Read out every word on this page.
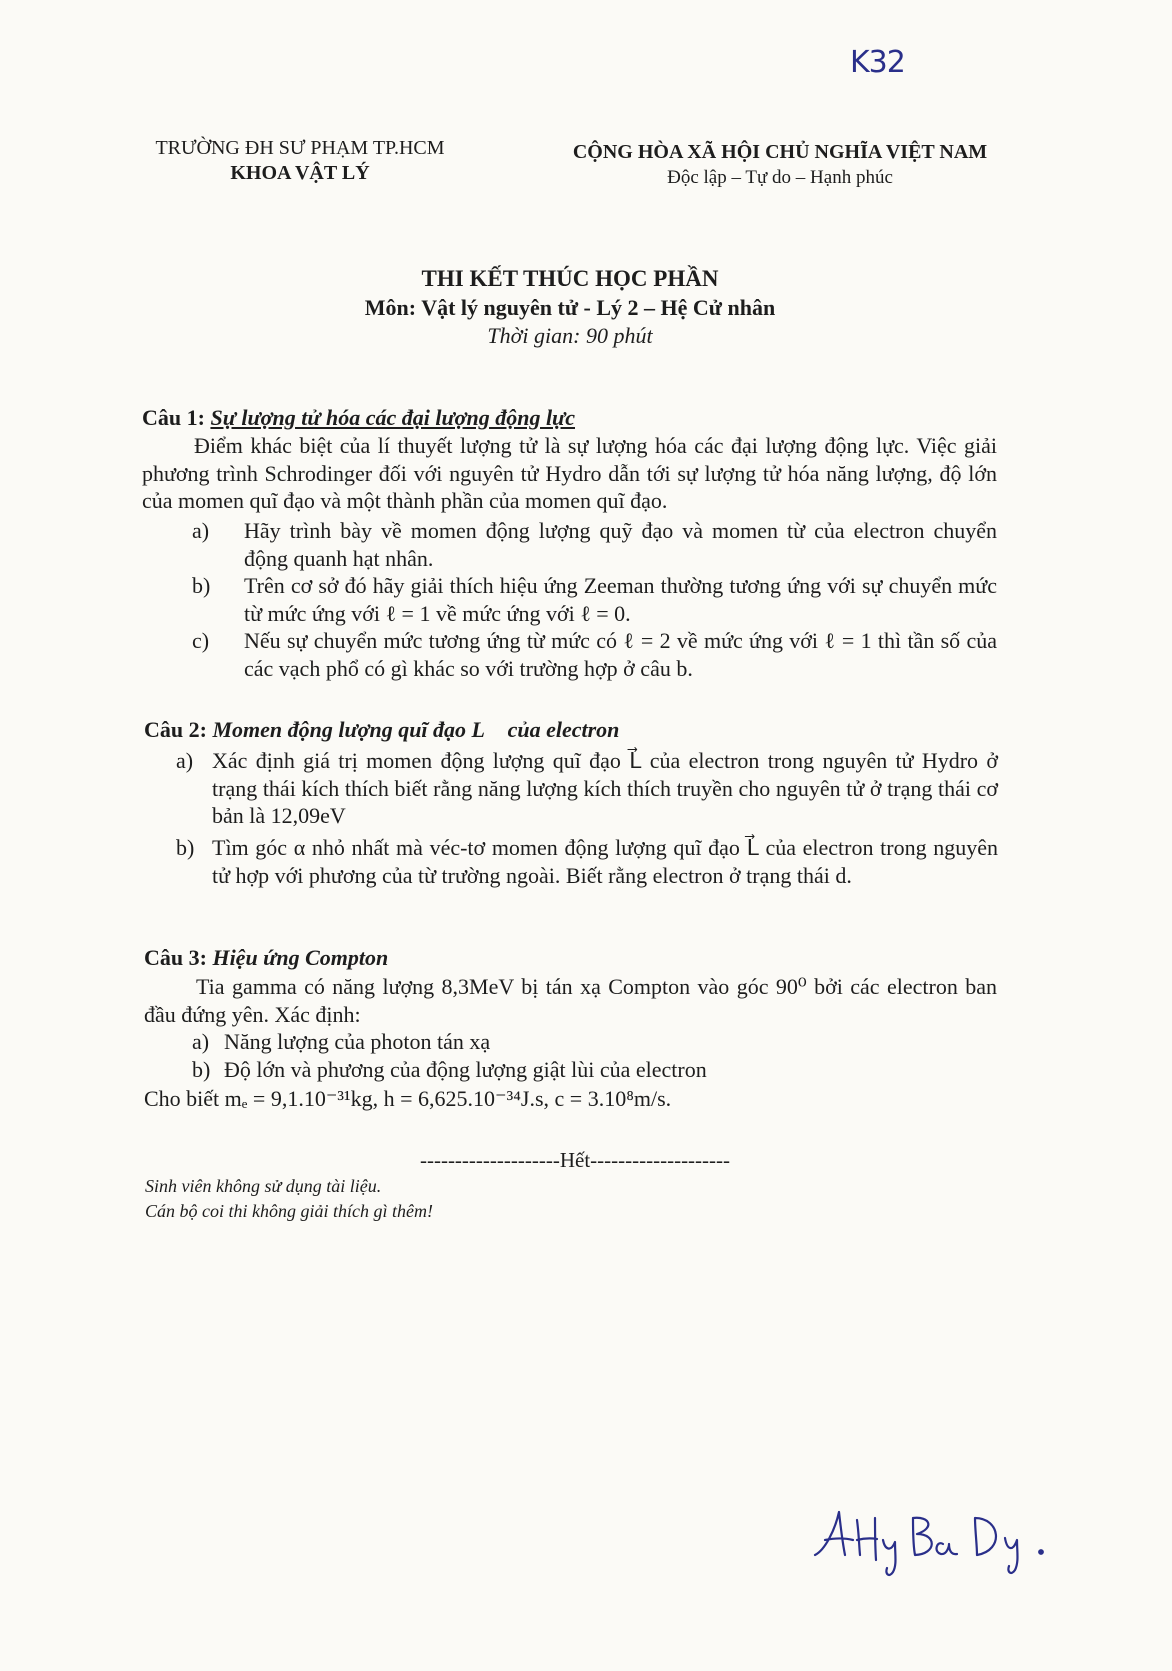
K32
TRƯỜNG ĐH SƯ PHẠM TP.HCM
KHOA VẬT LÝ
CỘNG HÒA XÃ HỘI CHỦ NGHĨA VIỆT NAM
Độc lập – Tự do – Hạnh phúc
THI KẾT THÚC HỌC PHẦN
Môn: Vật lý nguyên tử - Lý 2 – Hệ Cử nhân
Thời gian: 90 phút
Câu 1: Sự lượng tử hóa các đại lượng động lực
Điểm khác biệt của lí thuyết lượng tử là sự lượng hóa các đại lượng động lực. Việc giải phương trình Schrodinger đối với nguyên tử Hydro dẫn tới sự lượng tử hóa năng lượng, độ lớn của momen quĩ đạo và một thành phần của momen quĩ đạo.
a) Hãy trình bày về momen động lượng quỹ đạo và momen từ của electron chuyển động quanh hạt nhân.
b) Trên cơ sở đó hãy giải thích hiệu ứng Zeeman thường tương ứng với sự chuyển mức từ mức ứng với ℓ = 1 về mức ứng với ℓ = 0.
c) Nếu sự chuyển mức tương ứng từ mức có ℓ = 2 về mức ứng với ℓ = 1 thì tần số của các vạch phổ có gì khác so với trường hợp ở câu b.
Câu 2: Momen động lượng quĩ đạo L⃗ của electron
a) Xác định giá trị momen động lượng quĩ đạo L⃗ của electron trong nguyên tử Hydro ở trạng thái kích thích biết rằng năng lượng kích thích truyền cho nguyên tử ở trạng thái cơ bản là 12,09eV
b) Tìm góc α nhỏ nhất mà véc-tơ momen động lượng quĩ đạo L⃗ của electron trong nguyên tử hợp với phương của từ trường ngoài. Biết rằng electron ở trạng thái d.
Câu 3: Hiệu ứng Compton
Tia gamma có năng lượng 8,3MeV bị tán xạ Compton vào góc 90⁰ bởi các electron ban đầu đứng yên. Xác định:
a) Năng lượng của photon tán xạ
b) Độ lớn và phương của động lượng giật lùi của electron
Cho biết mₑ = 9,1.10⁻³¹kg, h = 6,625.10⁻³⁴J.s, c = 3.10⁸m/s.
--------------------Hết--------------------
Sinh viên không sử dụng tài liệu.
Cán bộ coi thi không giải thích gì thêm!
